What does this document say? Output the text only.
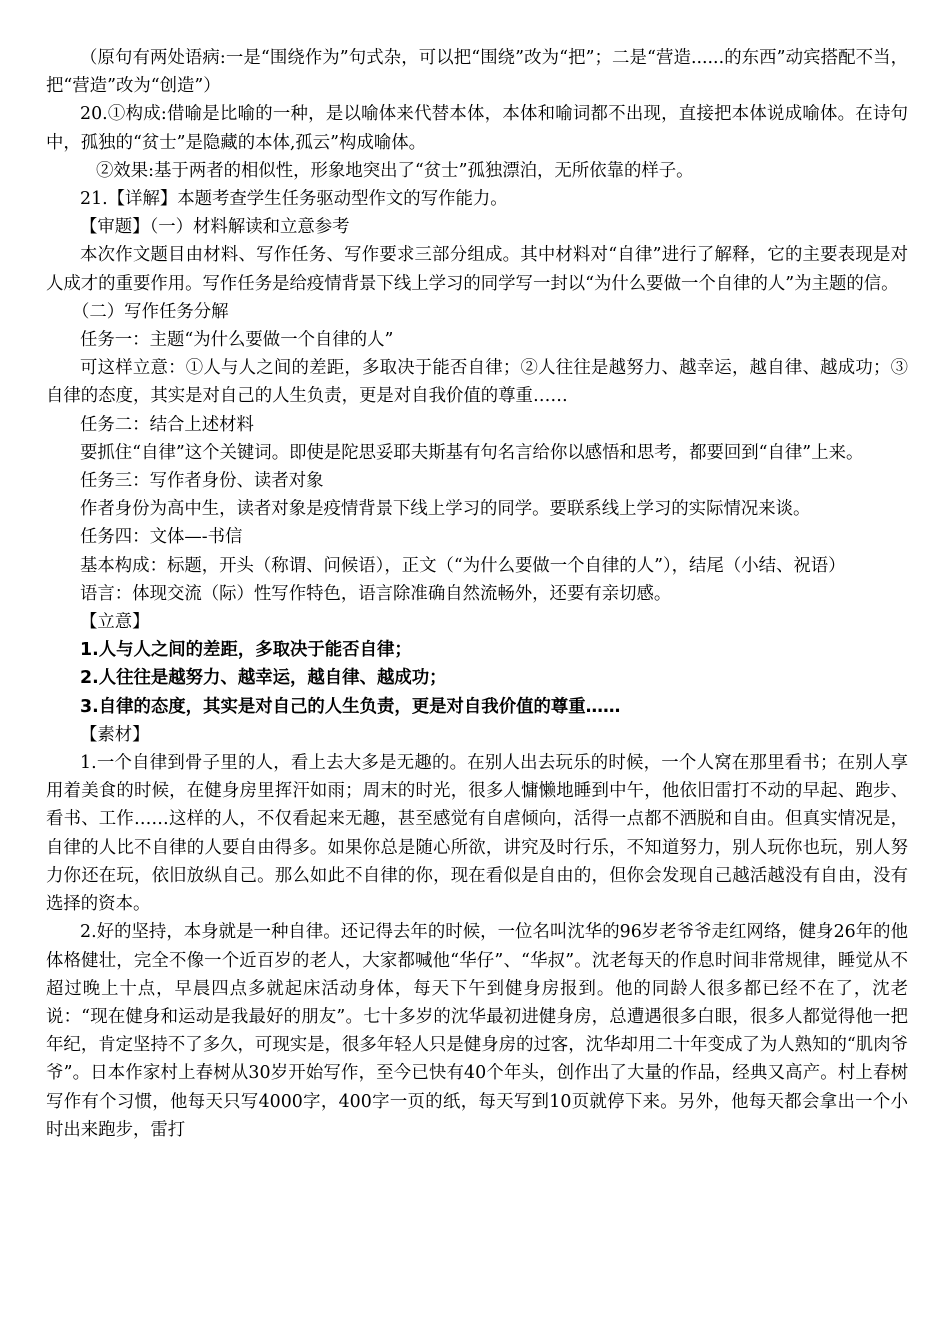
（原句有两处语病:一是“围绕作为”句式杂，可以把“围绕”改为“把”；二是“营造......的东西”动宾搭配不当，把“营造”改为“创造”）

20.①构成:借喻是比喻的一种，是以喻体来代替本体，本体和喻词都不出现，直接把本体说成喻体。在诗句中，孤独的“贫士”是隐藏的本体,孤云”构成喻体。

②效果:基于两者的相似性，形象地突出了“贫士”孤独漂泊，无所依靠的样子。

21.【详解】本题考查学生任务驱动型作文的写作能力。

【审题】（一）材料解读和立意参考

本次作文题目由材料、写作任务、写作要求三部分组成。其中材料对“自律”进行了解释，它的主要表现是对人成才的重要作用。写作任务是给疫情背景下线上学习的同学写一封以“为什么要做一个自律的人”为主题的信。

（二）写作任务分解

任务一：主题“为什么要做一个自律的人”

可这样立意：①人与人之间的差距，多取决于能否自律；②人往往是越努力、越幸运，越自律、越成功；③自律的态度，其实是对自己的人生负责，更是对自我价值的尊重……

任务二：结合上述材料

要抓住“自律”这个关键词。即使是陀思妥耶夫斯基有句名言给你以感悟和思考，都要回到“自律”上来。

任务三：写作者身份、读者对象

作者身份为高中生，读者对象是疫情背景下线上学习的同学。要联系线上学习的实际情况来谈。

任务四：文体—-书信

基本构成：标题，开头（称谓、问候语），正文（“为什么要做一个自律的人”），结尾（小结、祝语）

语言：体现交流（际）性写作特色，语言除准确自然流畅外，还要有亲切感。

【立意】

1.人与人之间的差距，多取决于能否自律；

2.人往往是越努力、越幸运，越自律、越成功；

3.自律的态度，其实是对自己的人生负责，更是对自我价值的尊重……

【素材】

1.一个自律到骨子里的人，看上去大多是无趣的。在别人出去玩乐的时候，一个人窝在那里看书；在别人享用着美食的时候，在健身房里挥汗如雨；周末的时光，很多人慵懒地睡到中午，他依旧雷打不动的早起、跑步、看书、工作……这样的人，不仅看起来无趣，甚至感觉有自虐倾向，活得一点都不洒脱和自由。但真实情况是，自律的人比不自律的人要自由得多。如果你总是随心所欲，讲究及时行乐，不知道努力，别人玩你也玩，别人努力你还在玩，依旧放纵自己。那么如此不自律的你，现在看似是自由的，但你会发现自己越活越没有自由，没有选择的资本。

2.好的坚持，本身就是一种自律。还记得去年的时候，一位名叫沈华的96岁老爷爷走红网络，健身26年的他体格健壮，完全不像一个近百岁的老人，大家都喊他“华仔”、“华叔”。沈老每天的作息时间非常规律，睡觉从不超过晚上十点，早晨四点多就起床活动身体，每天下午到健身房报到。他的同龄人很多都已经不在了，沈老说：“现在健身和运动是我最好的朋友”。七十多岁的沈华最初进健身房，总遭遇很多白眼，很多人都觉得他一把年纪，肯定坚持不了多久，可现实是，很多年轻人只是健身房的过客，沈华却用二十年变成了为人熟知的“肌肉爷爷”。日本作家村上春树从30岁开始写作，至今已快有40个年头，创作出了大量的作品，经典又高产。村上春树写作有个习惯，他每天只写4000字，400字一页的纸，每天写到10页就停下来。另外，他每天都会拿出一个小时出来跑步，雷打
